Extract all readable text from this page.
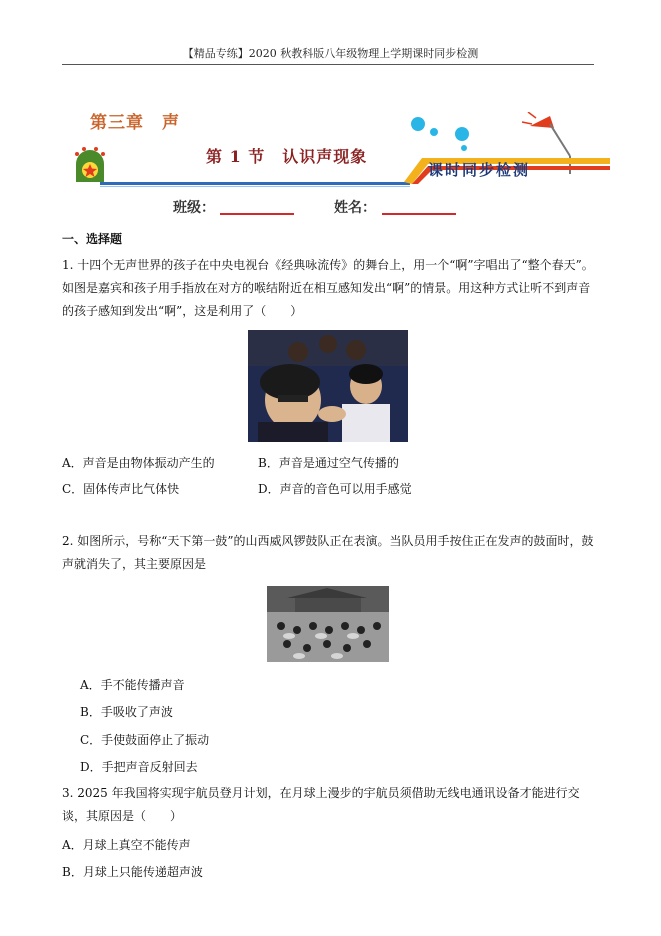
【精品专练】2020 秋教科版八年级物理上学期课时同步检测
第三章　声
第 1 节　认识声现象
课时同步检测
班级：	姓名：
一、选择题
1. 十四个无声世界的孩子在中央电视台《经典咏流传》的舞台上，用一个“啊”字唱出了“整个春天”。如图是嘉宾和孩子用手指放在对方的喉结附近在相互感知发出“啊”的情景。用这种方式让听不到声音的孩子感知到发出“啊”，这是利用了（　　）
A．声音是由物体振动产生的	B．声音是通过空气传播的
C．固体传声比气体快	D．声音的音色可以用手感觉
2. 如图所示，号称“天下第一鼓”的山西威风锣鼓队正在表演。当队员用手按住正在发声的鼓面时，鼓声就消失了，其主要原因是
A．手不能传播声音
B．手吸收了声波
C．手使鼓面停止了振动
D．手把声音反射回去
3. 2025 年我国将实现宇航员登月计划，在月球上漫步的宇航员须借助无线电通讯设备才能进行交谈，其原因是（　　）
A．月球上真空不能传声
B．月球上只能传递超声波
